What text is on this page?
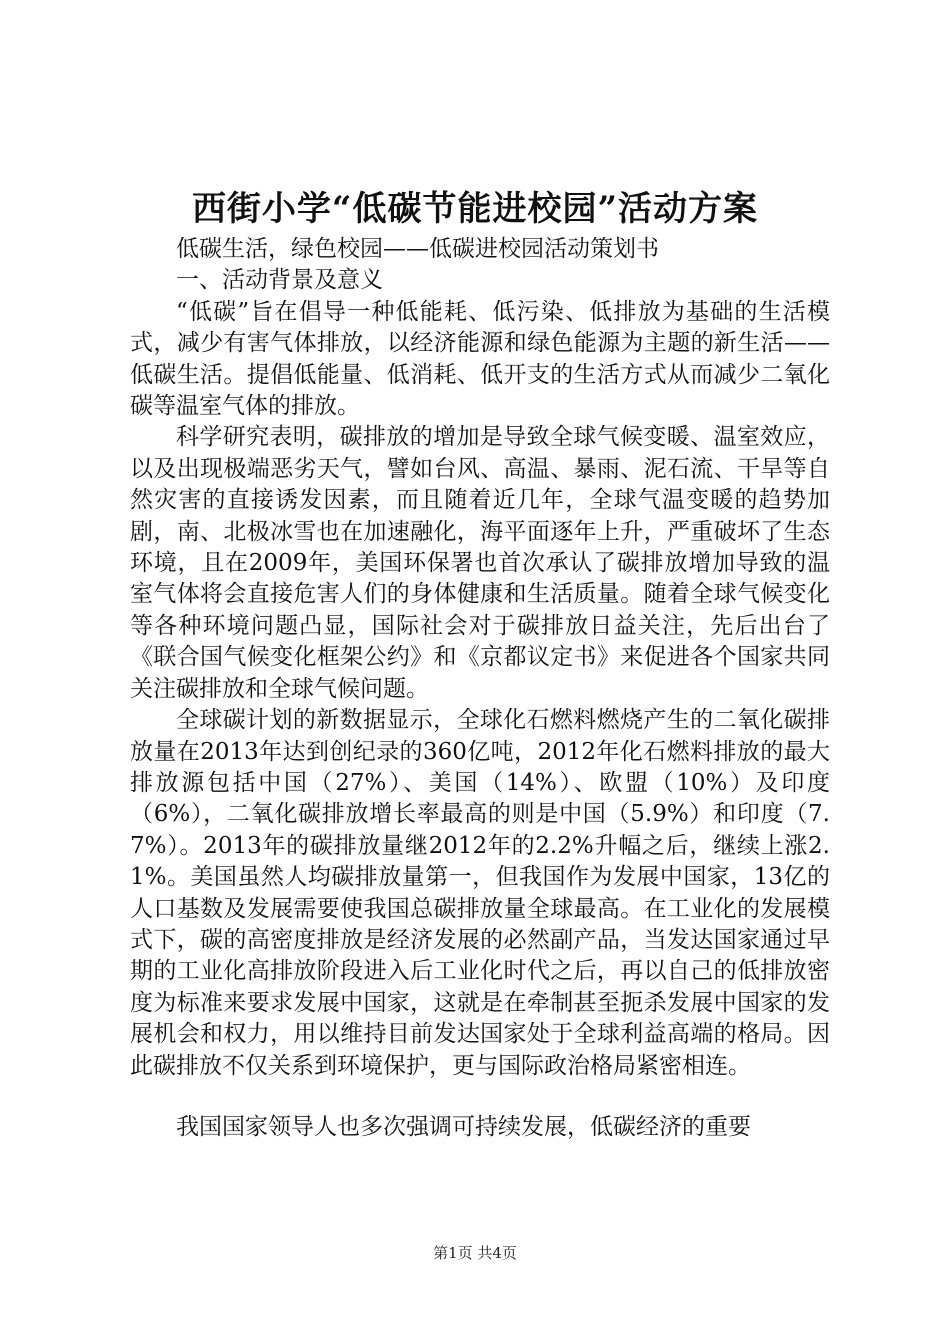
西街小学“低碳节能进校园”活动方案

低碳生活，绿色校园——低碳进校园活动策划书

一、活动背景及意义

“低碳”旨在倡导一种低能耗、低污染、低排放为基础的生活模式，减少有害气体排放，以经济能源和绿色能源为主题的新生活——低碳生活。提倡低能量、低消耗、低开支的生活方式从而减少二氧化碳等温室气体的排放。

科学研究表明，碳排放的增加是导致全球气候变暖、温室效应，以及出现极端恶劣天气，譬如台风、高温、暴雨、泥石流、干旱等自然灾害的直接诱发因素，而且随着近几年，全球气温变暖的趋势加剧，南、北极冰雪也在加速融化，海平面逐年上升，严重破坏了生态环境，且在2009年，美国环保署也首次承认了碳排放增加导致的温室气体将会直接危害人们的身体健康和生活质量。随着全球气候变化等各种环境问题凸显，国际社会对于碳排放日益关注，先后出台了《联合国气候变化框架公约》和《京都议定书》来促进各个国家共同关注碳排放和全球气候问题。

全球碳计划的新数据显示，全球化石燃料燃烧产生的二氧化碳排放量在2013年达到创纪录的360亿吨，2012年化石燃料排放的最大排放源包括中国（27%）、美国（14%）、欧盟（10%）及印度（6%），二氧化碳排放增长率最高的则是中国（5.9%）和印度（7.7%）。2013年的碳排放量继2012年的2.2%升幅之后，继续上涨2.1%。美国虽然人均碳排放量第一，但我国作为发展中国家，13亿的人口基数及发展需要使我国总碳排放量全球最高。在工业化的发展模式下，碳的高密度排放是经济发展的必然副产品，当发达国家通过早期的工业化高排放阶段进入后工业化时代之后，再以自己的低排放密度为标准来要求发展中国家，这就是在牵制甚至扼杀发展中国家的发展机会和权力，用以维持目前发达国家处于全球利益高端的格局。因此碳排放不仅关系到环境保护，更与国际政治格局紧密相连。

我国国家领导人也多次强调可持续发展，低碳经济的重要

第1页 共4页
